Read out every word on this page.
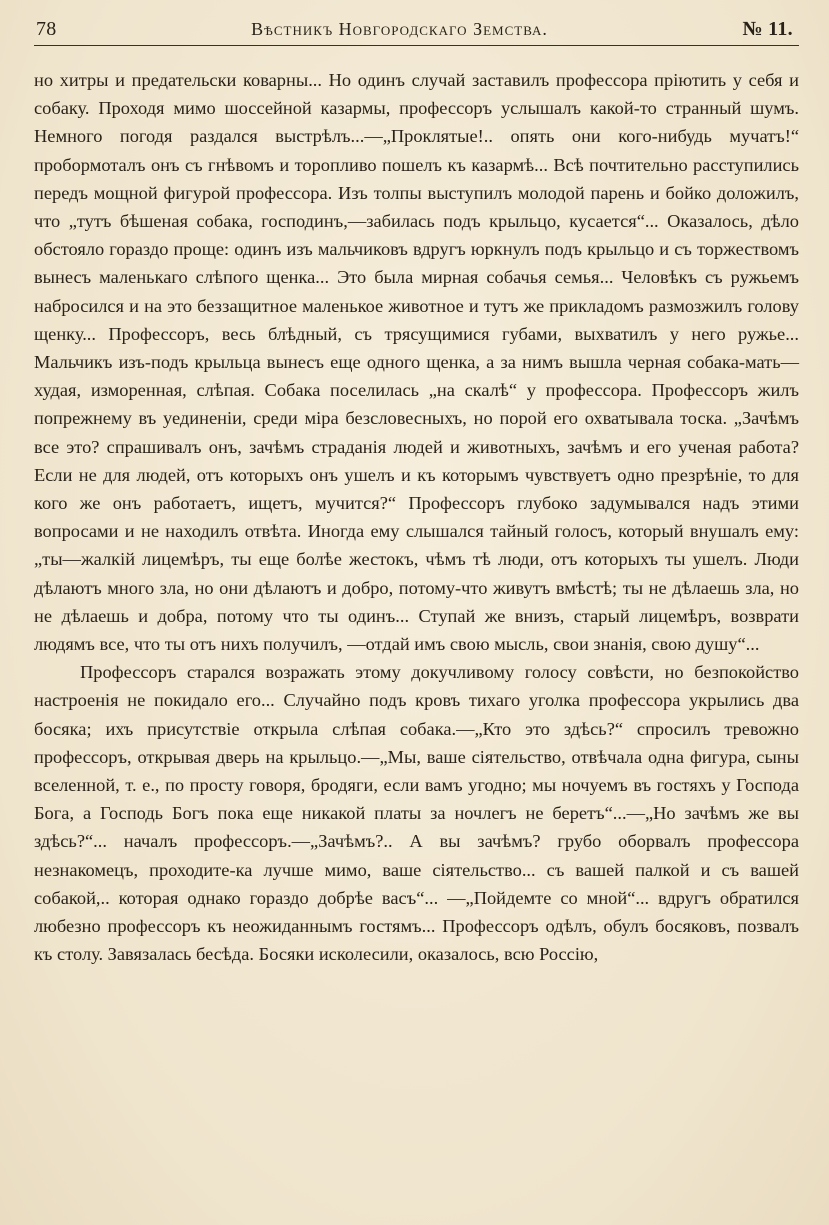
78	Вѣстникъ Новгородскаго Земства.	№ 11.

но хитры и предательски коварны... Но одинъ случай заставилъ профессора пріютить у себя и собаку. Проходя мимо шоссейной казармы, профессоръ услышалъ какой-то странный шумъ. Немного погодя раздался выстрѣлъ...—„Проклятые!.. опять они кого-нибудь мучатъ!“ пробормоталъ онъ съ гнѣвомъ и торопливо пошелъ къ казармѣ... Всѣ почтительно расступились передъ мощной фигурой профессора. Изъ толпы выступилъ молодой парень и бойко доложилъ, что „тутъ бѣшеная собака, господинъ,—забилась подъ крыльцо, кусается“... Оказалось, дѣло обстояло гораздо проще: одинъ изъ мальчиковъ вдругъ юркнулъ подъ крыльцо и съ торжествомъ вынесъ маленькаго слѣпого щенка... Это была мирная собачья семья... Человѣкъ съ ружьемъ набросился и на это беззащитное маленькое животное и тутъ же прикладомъ размозжилъ голову щенку... Профессоръ, весь блѣдный, съ трясущимися губами, выхватилъ у него ружье... Мальчикъ изъ-подъ крыльца вынесъ еще одного щенка, а за нимъ вышла черная собака-мать—худая, изморенная, слѣпая. Собака поселилась „на скалѣ“ у профессора. Профессоръ жилъ попрежнему въ уединеніи, среди міра безсловесныхъ, но порой его охватывала тоска. „Зачѣмъ все это? спрашивалъ онъ, зачѣмъ страданія людей и животныхъ, зачѣмъ и его ученая работа? Если не для людей, отъ которыхъ онъ ушелъ и къ которымъ чувствуетъ одно презрѣніе, то для кого же онъ работаетъ, ищетъ, мучится?“ Профессоръ глубоко задумывался надъ этими вопросами и не находилъ отвѣта. Иногда ему слышался тайный голосъ, который внушалъ ему: „ты—жалкій лицемѣръ, ты еще болѣе жестокъ, чѣмъ тѣ люди, отъ которыхъ ты ушелъ. Люди дѣлаютъ много зла, но они дѣлаютъ и добро, потому-что живутъ вмѣстѣ; ты не дѣлаешь зла, но не дѣлаешь и добра, потому что ты одинъ... Ступай же внизъ, старый лицемѣръ, возврати людямъ все, что ты отъ нихъ получилъ, —отдай имъ свою мысль, свои знанія, свою душу“...

Профессоръ старался возражать этому докучливому голосу совѣсти, но безпокойство настроенія не покидало его... Случайно подъ кровъ тихаго уголка профессора укрылись два босяка; ихъ присутствіе открыла слѣпая собака.—„Кто это здѣсь?“ спросилъ тревожно профессоръ, открывая дверь на крыльцо.—„Мы, ваше сіятельство, отвѣчала одна фигура, сыны вселенной, т. е., по просту говоря, бродяги, если вамъ угодно; мы ночуемъ въ гостяхъ у Господа Бога, а Господь Богъ пока еще никакой платы за ночлегъ не беретъ“...—„Но зачѣмъ же вы здѣсь?“... началъ профессоръ.—„Зачѣмъ?.. А вы зачѣмъ? грубо оборвалъ профессора незнакомецъ, проходите-ка лучше мимо, ваше сіятельство... съ вашей палкой и съ вашей собакой,.. которая однако гораздо добрѣе васъ“... —„Пойдемте со мной“... вдругъ обратился любезно профессоръ къ неожиданнымъ гостямъ... Профессоръ одѣлъ, обулъ босяковъ, позвалъ къ столу. Завязалась бесѣда. Босяки исколесили, оказалось, всю Россію,
